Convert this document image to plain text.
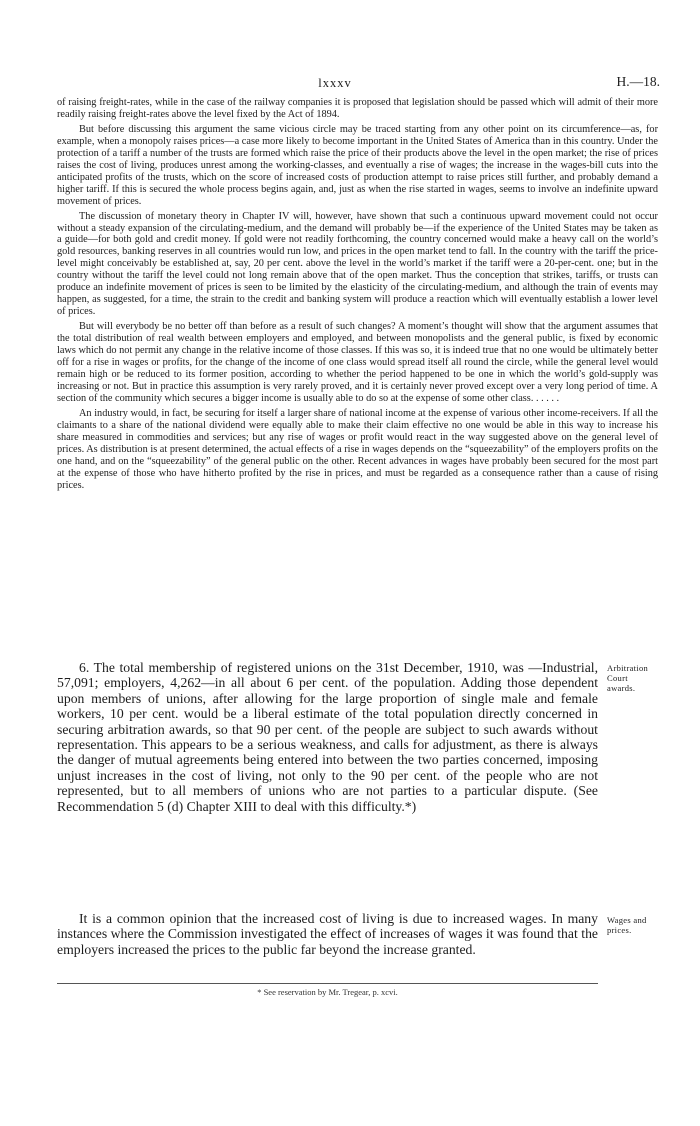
lxxxv	H.—18.

of raising freight-rates, while in the case of the railway companies it is proposed that legislation should be passed which will admit of their more readily raising freight-rates above the level fixed by the Act of 1894.

But before discussing this argument the same vicious circle may be traced starting from any other point on its circumference—as, for example, when a monopoly raises prices—a case more likely to become important in the United States of America than in this country. Under the protection of a tariff a number of the trusts are formed which raise the price of their products above the level in the open market; the rise of prices raises the cost of living, produces unrest among the working-classes, and eventually a rise of wages; the increase in the wages-bill cuts into the anticipated profits of the trusts, which on the score of increased costs of production attempt to raise prices still further, and probably demand a higher tariff. If this is secured the whole process begins again, and, just as when the rise started in wages, seems to involve an indefinite upward movement of prices.

The discussion of monetary theory in Chapter IV will, however, have shown that such a continuous upward movement could not occur without a steady expansion of the circulating-medium, and the demand will probably be—if the experience of the United States may be taken as a guide—for both gold and credit money. If gold were not readily forthcoming, the country concerned would make a heavy call on the world’s gold resources, banking reserves in all countries would run low, and prices in the open market tend to fall. In the country with the tariff the price-level might conceivably be established at, say, 20 per cent. above the level in the world’s market if the tariff were a 20-per-cent. one; but in the country without the tariff the level could not long remain above that of the open market. Thus the conception that strikes, tariffs, or trusts can produce an indefinite movement of prices is seen to be limited by the elasticity of the circulating-medium, and although the train of events may happen, as suggested, for a time, the strain to the credit and banking system will produce a reaction which will eventually establish a lower level of prices.

But will everybody be no better off than before as a result of such changes? A moment’s thought will show that the argument assumes that the total distribution of real wealth between employers and employed, and between monopolists and the general public, is fixed by economic laws which do not permit any change in the relative income of those classes. If this was so, it is indeed true that no one would be ultimately better off for a rise in wages or profits, for the change of the income of one class would spread itself all round the circle, while the general level would remain high or be reduced to its former position, according to whether the period happened to be one in which the world’s gold-supply was increasing or not. But in practice this assumption is very rarely proved, and it is certainly never proved except over a very long period of time. A section of the community which secures a bigger income is usually able to do so at the expense of some other class. . . . . .

An industry would, in fact, be securing for itself a larger share of national income at the expense of various other income-receivers. If all the claimants to a share of the national dividend were equally able to make their claim effective no one would be able in this way to increase his share measured in commodities and services; but any rise of wages or profit would react in the way suggested above on the general level of prices. As distribution is at present determined, the actual effects of a rise in wages depends on the “squeezability” of the employers profits on the one hand, and on the “squeezability” of the general public on the other. Recent advances in wages have probably been secured for the most part at the expense of those who have hitherto profited by the rise in prices, and must be regarded as a consequence rather than a cause of rising prices.

6. The total membership of registered unions on the 31st December, 1910, was —Industrial, 57,091; employers, 4,262—in all about 6 per cent. of the population. Adding those dependent upon members of unions, after allowing for the large proportion of single male and female workers, 10 per cent. would be a liberal estimate of the total population directly concerned in securing arbitration awards, so that 90 per cent. of the people are subject to such awards without representation. This appears to be a serious weakness, and calls for adjustment, as there is always the danger of mutual agreements being entered into between the two parties concerned, imposing unjust increases in the cost of living, not only to the 90 per cent. of the people who are not represented, but to all members of unions who are not parties to a particular dispute. (See Recommendation 5 (d) Chapter XIII to deal with this difficulty.*)

Arbitration
Court
awards.

It is a common opinion that the increased cost of living is due to increased wages. In many instances where the Commission investigated the effect of increases of wages it was found that the employers increased the prices to the public far beyond the increase granted.

Wages and
prices.
* See reservation by Mr. Tregear, p. xcvi.
